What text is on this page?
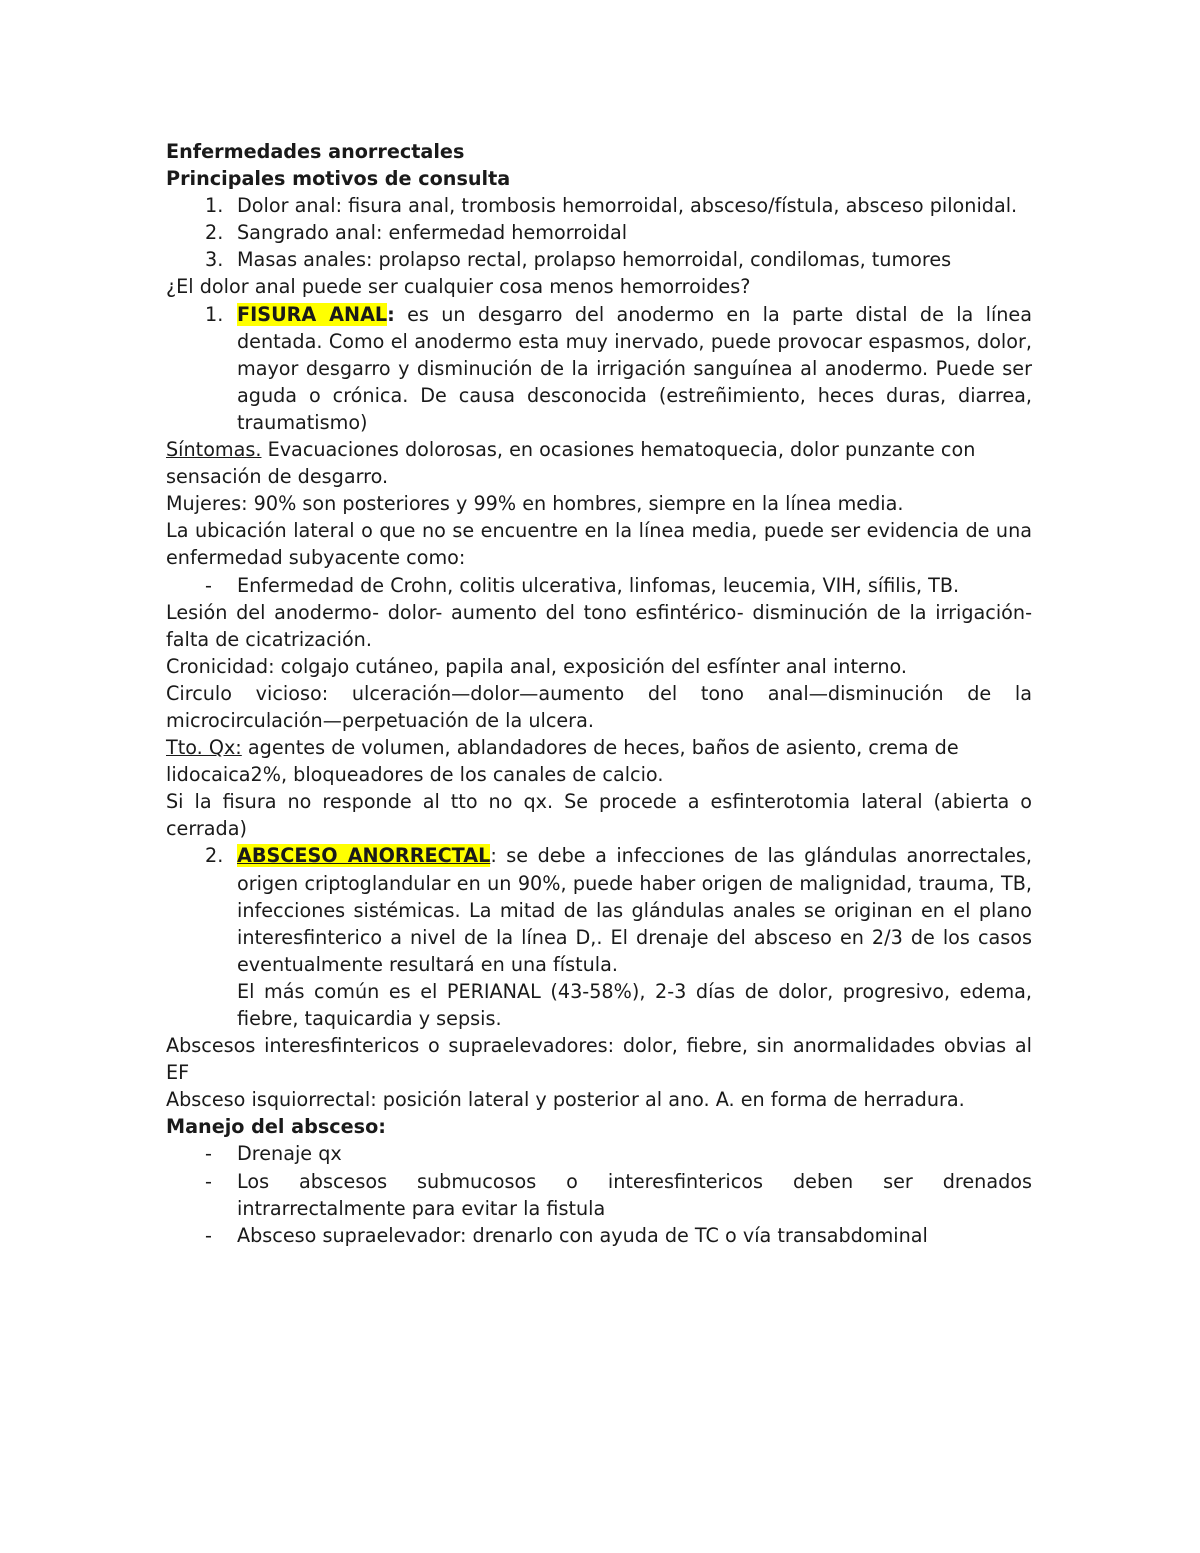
Enfermedades anorrectales

Principales motivos de consulta

1. Dolor anal: fisura anal, trombosis hemorroidal, absceso/fístula, absceso pilonidal.
2. Sangrado anal: enfermedad hemorroidal
3. Masas anales: prolapso rectal, prolapso hemorroidal, condilomas, tumores

¿El dolor anal puede ser cualquier cosa menos hemorroides?

1. FISURA ANAL: es un desgarro del anodermo en la parte distal de la línea dentada. Como el anodermo esta muy inervado, puede provocar espasmos, dolor, mayor desgarro y disminución de la irrigación sanguínea al anodermo. Puede ser aguda o crónica. De causa desconocida (estreñimiento, heces duras, diarrea, traumatismo)

Síntomas. Evacuaciones dolorosas, en ocasiones hematoquecia, dolor punzante con sensación de desgarro.

Mujeres: 90% son posteriores y 99% en hombres, siempre en la línea media.

La ubicación lateral o que no se encuentre en la línea media, puede ser evidencia de una enfermedad subyacente como:

-	Enfermedad de Crohn, colitis ulcerativa, linfomas, leucemia, VIH, sífilis, TB.

Lesión del anodermo- dolor- aumento del tono esfintérico- disminución de la irrigación- falta de cicatrización.

Cronicidad: colgajo cutáneo, papila anal, exposición del esfínter anal interno.

Circulo vicioso: ulceración—dolor—aumento del tono anal—disminución de la microcirculación—perpetuación de la ulcera.

Tto. Qx: agentes de volumen, ablandadores de heces, baños de asiento, crema de lidocaica2%, bloqueadores de los canales de calcio.

Si la fisura no responde al tto no qx. Se procede a esfinterotomia lateral (abierta o cerrada)

2. ABSCESO ANORRECTAL: se debe a infecciones de las glándulas anorrectales, origen criptoglandular en un 90%, puede haber origen de malignidad, trauma, TB, infecciones sistémicas. La mitad de las glándulas anales se originan en el plano interesfinterico a nivel de la línea D,. El drenaje del absceso en 2/3 de los casos eventualmente resultará en una fístula.

El más común es el PERIANAL (43-58%), 2-3 días de dolor, progresivo, edema, fiebre, taquicardia y sepsis.

Abscesos interesfintericos o supraelevadores: dolor, fiebre, sin anormalidades obvias al EF

Absceso isquiorrectal: posición lateral y posterior al ano. A. en forma de herradura.

Manejo del absceso:

-	Drenaje qx
-	Los abscesos submucosos o interesfintericos deben ser drenados intrarrectalmente para evitar la fistula
-	Absceso supraelevador: drenarlo con ayuda de TC o vía transabdominal
